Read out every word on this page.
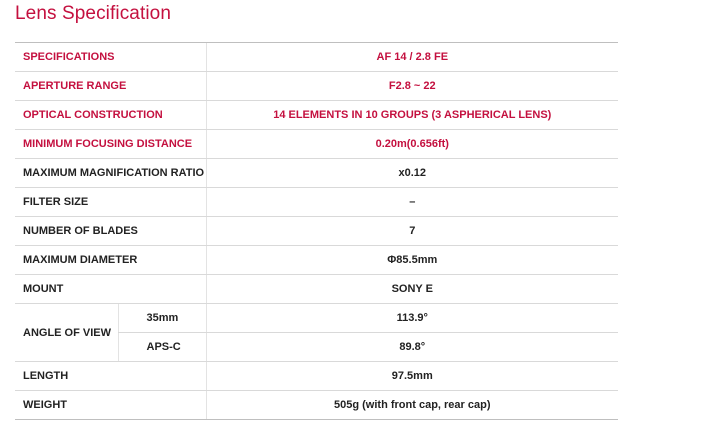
Lens Specification
SPECIFICATIONS		AF 14 / 2.8 FE
APERTURE RANGE		F2.8 ~ 22
OPTICAL CONSTRUCTION		14 ELEMENTS IN 10 GROUPS (3 ASPHERICAL LENS)
MINIMUM FOCUSING DISTANCE		0.20m(0.656ft)
MAXIMUM MAGNIFICATION RATIO		x0.12
FILTER SIZE		–
NUMBER OF BLADES		7
MAXIMUM DIAMETER		Φ85.5mm
MOUNT		SONY E
ANGLE OF VIEW	35mm	113.9°
	APS-C	89.8°
LENGTH		97.5mm
WEIGHT		505g (with front cap, rear cap)
